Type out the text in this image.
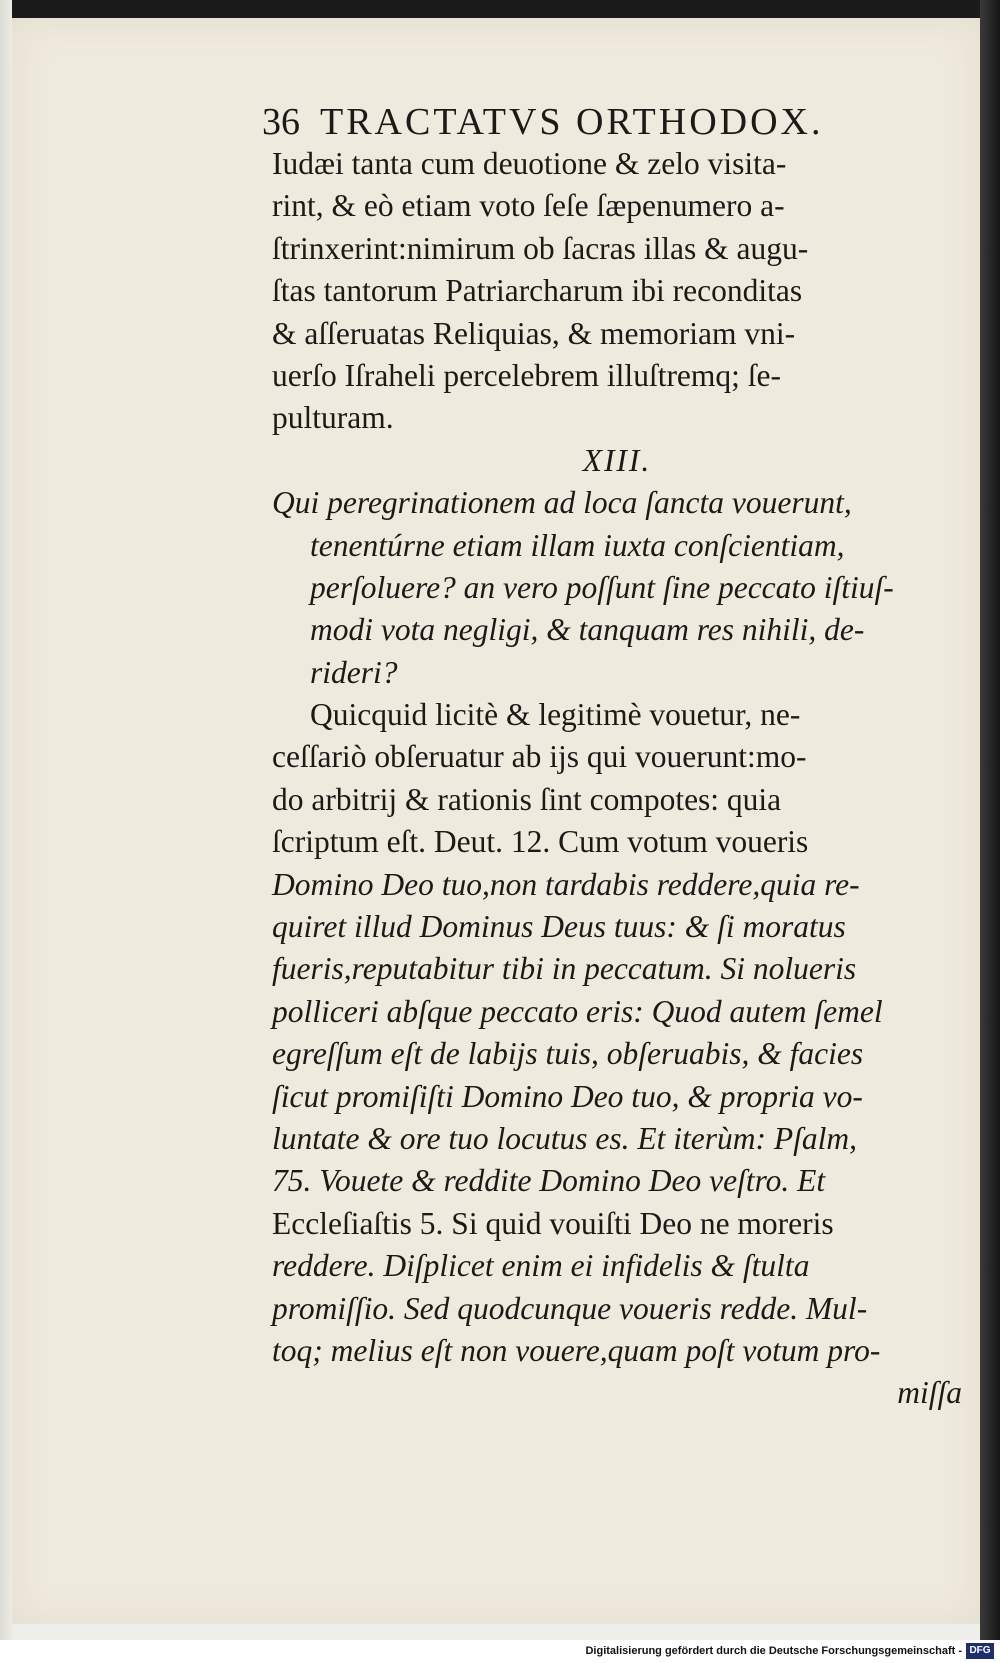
36 TRACTATVS ORTHODOX.
Iudæi tanta cum deuotione & zelo visita-
rint, & eò etiam voto ſeſe ſæpenumero a-
ſtrinxerint:nimirum ob ſacras illas & augu-
ſtas tantorum Patriarcharum ibi reconditas
& aſſeruatas Reliquias, & memoriam vni-
uerſo Iſraheli percelebrem illuſtremq; ſe-
pulturam.
XIII.
Qui peregrinationem ad loca ſancta vouerunt,
tenentúrne etiam illam iuxta conſcientiam,
perſoluere? an vero poſſunt ſine peccato iſtiuſ-
modi vota negligi, & tanquam res nihili, de-
rideri?
Quicquid licitè & legitimè vouetur, ne-
ceſſariò obſeruatur ab ijs qui vouerunt:mo-
do arbitrij & rationis ſint compotes: quia
ſcriptum eſt. Deut. 12. Cum votum voueris
Domino Deo tuo,non tardabis reddere,quia re-
quiret illud Dominus Deus tuus: & ſi moratus
fueris,reputabitur tibi in peccatum. Si nolueris
polliceri abſque peccato eris: Quod autem ſemel
egreſſum eſt de labijs tuis, obſeruabis, & facies
ſicut promiſiſti Domino Deo tuo, & propria vo-
luntate & ore tuo locutus es. Et iterùm: Pſalm,
75. Vouete & reddite Domino Deo veſtro. Et
Eccleſiaſtis 5. Si quid vouiſti Deo ne moreris
reddere. Diſplicet enim ei infidelis & ſtulta
promiſſio. Sed quodcunque voueris redde. Mul-
toq; melius eſt non vouere,quam poſt votum pro-
miſſa
Digitalisierung gefördert durch die Deutsche Forschungsgemeinschaft - DFG
